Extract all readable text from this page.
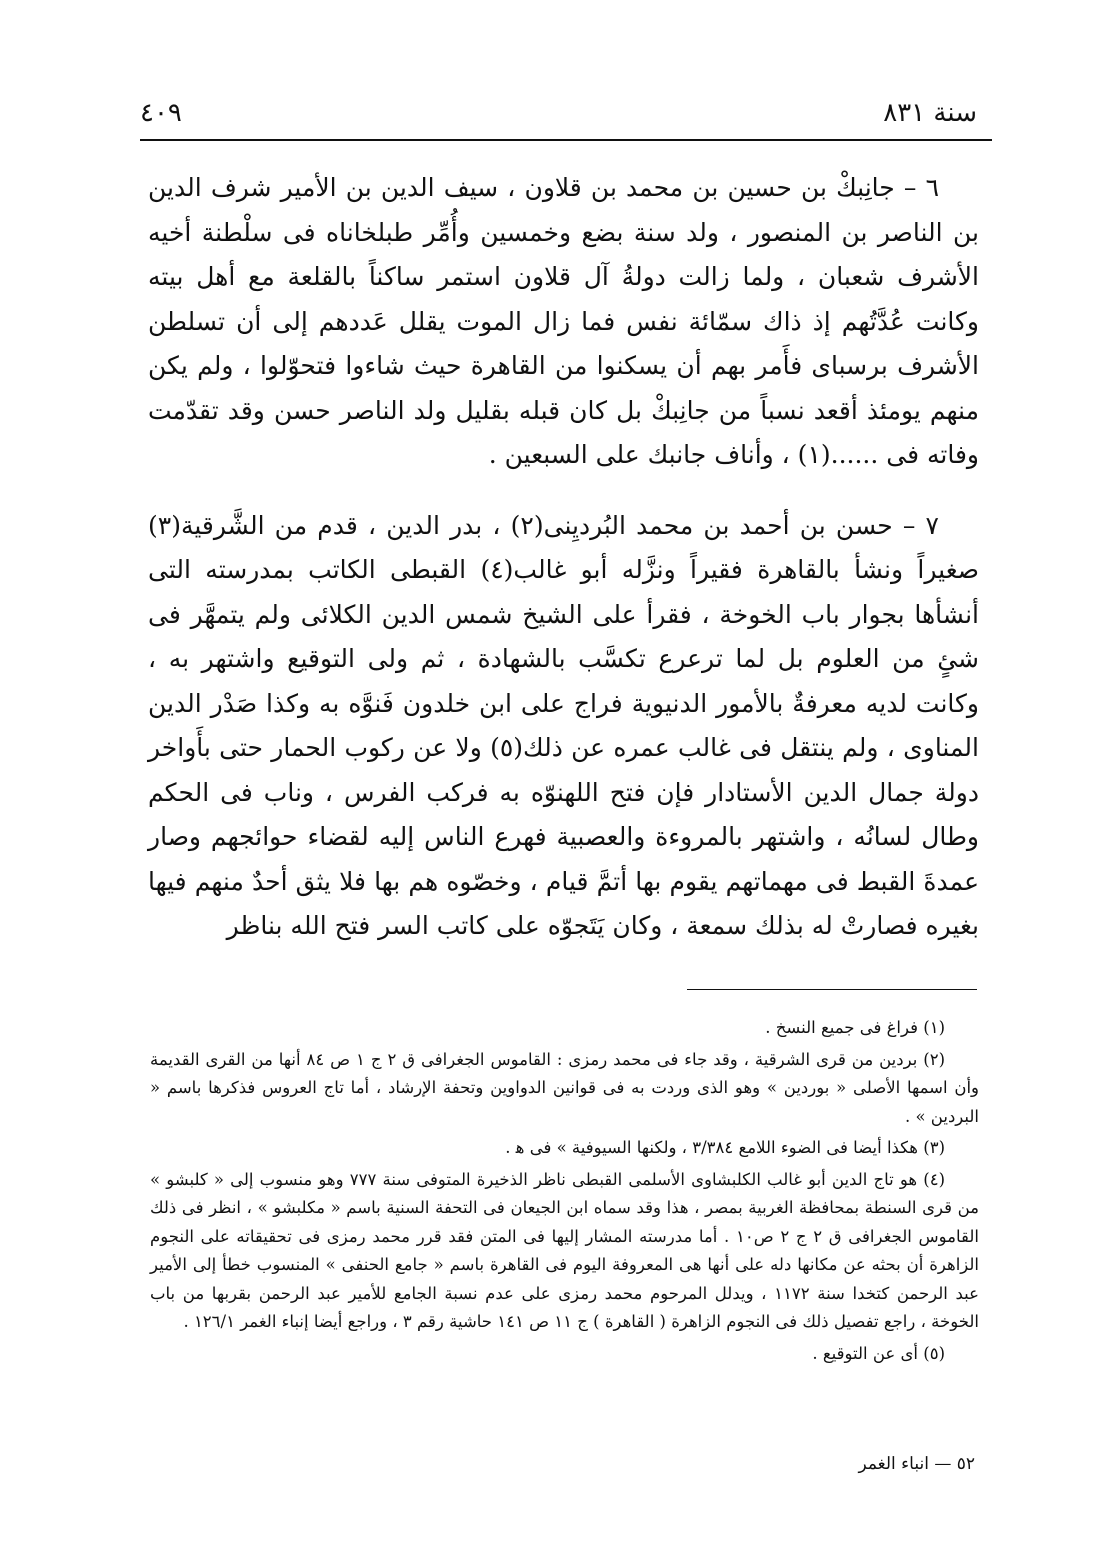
سنة ٨٣١
٤٠٩

٦ – جانِبكْ بن حسين بن محمد بن قلاون ، سيف الدين بن الأمير شرف الدين بن الناصر بن المنصور ، ولد سنة بضع وخمسين وأُمِّر طبلخاناه فى سلْطنة أخيه الأشرف شعبان ، ولما زالت دولةُ آل قلاون استمر ساكناً بالقلعة مع أهل بيته وكانت عُدَّتُهم إذ ذاك سمّائة نفس فما زال الموت يقلل عَددهم إلى أن تسلطن الأشرف برسباى فأَمر بهم أن يسكنوا من القاهرة حيث شاءوا فتحوّلوا ، ولم يكن منهم يومئذ أقعد نسباً من جانِبكْ بل كان قبله بقليل ولد الناصر حسن وقد تقدّمت وفاته فى ......(١) ، وأناف جانبك على السبعين .

٧ – حسن بن أحمد بن محمد البُرديِنى(٢) ، بدر الدين ، قدم من الشَّرقية(٣) صغيراً ونشأ بالقاهرة فقيراً ونزَّله أبو غالب(٤) القبطى الكاتب بمدرسته التى أنشأها بجوار باب الخوخة ، فقرأ على الشيخ شمس الدين الكلائى ولم يتمهَّر فى شئٍ من العلوم بل لما ترعرع تكسَّب بالشهادة ، ثم ولى التوقيع واشتهر به ، وكانت لديه معرفةٌ بالأمور الدنيوية فراج على ابن خلدون فَنوَّه به وكذا صَدْر الدين المناوى ، ولم ينتقل فى غالب عمره عن ذلك(٥) ولا عن ركوب الحمار حتى بأَواخر دولة جمال الدين الأستادار فإن فتح اللهنوّه به فركب الفرس ، وناب فى الحكم وطال لسانُه ، واشتهر بالمروءة والعصبية فهرع الناس إليه لقضاء حوائجهم وصار عمدةَ القبط فى مهماتهم يقوم بها أتمَّ قيام ، وخصّوه هم بها فلا يثق أحدٌ منهم فيها بغيره فصارتْ له بذلك سمعة ، وكان يَتَجوّه على كاتب السر فتح الله بناظر

(١) فراغ فى جميع النسخ .

(٢) بردين من قرى الشرقية ، وقد جاء فى محمد رمزى : القاموس الجغرافى ق ٢ ج ١ ص ٨٤ أنها من القرى القديمة وأن اسمها الأصلى « بوردين » وهو الذى وردت به فى قوانين الدواوين وتحفة الإرشاد ، أما تاج العروس فذكرها باسم « البردين » .

(٣) هكذا أيضا فى الضوء اللامع ٣/٣٨٤ ، ولكنها السيوفية » فى ﻫ .

(٤) هو تاج الدين أبو غالب الكلبشاوى الأسلمى القبطى ناظر الذخيرة المتوفى سنة ٧٧٧ وهو منسوب إلى « كلبشو » من قرى السنطة بمحافظة الغربية بمصر ، هذا وقد سماه ابن الجيعان فى التحفة السنية باسم « مكلبشو » ، انظر فى ذلك القاموس الجغرافى ق ٢ ج ٢ ص١٠ . أما مدرسته المشار إليها فى المتن فقد قرر محمد رمزى فى تحقيقاته على النجوم الزاهرة أن بحثه عن مكانها دله على أنها هى المعروفة اليوم فى القاهرة باسم « جامع الحنفى » المنسوب خطأ إلى الأمير عبد الرحمن كتخدا سنة ١١٧٢ ، ويدلل المرحوم محمد رمزى على عدم نسبة الجامع للأمير عبد الرحمن بقربها من باب الخوخة ، راجع تفصيل ذلك فى النجوم الزاهرة ( القاهرة ) ج ١١ ص ١٤١ حاشية رقم ٣ ، وراجع أيضا إنباء الغمر ١٢٦/١ .

(٥) أى عن التوقيع .

٥٢ — انباء الغمر
